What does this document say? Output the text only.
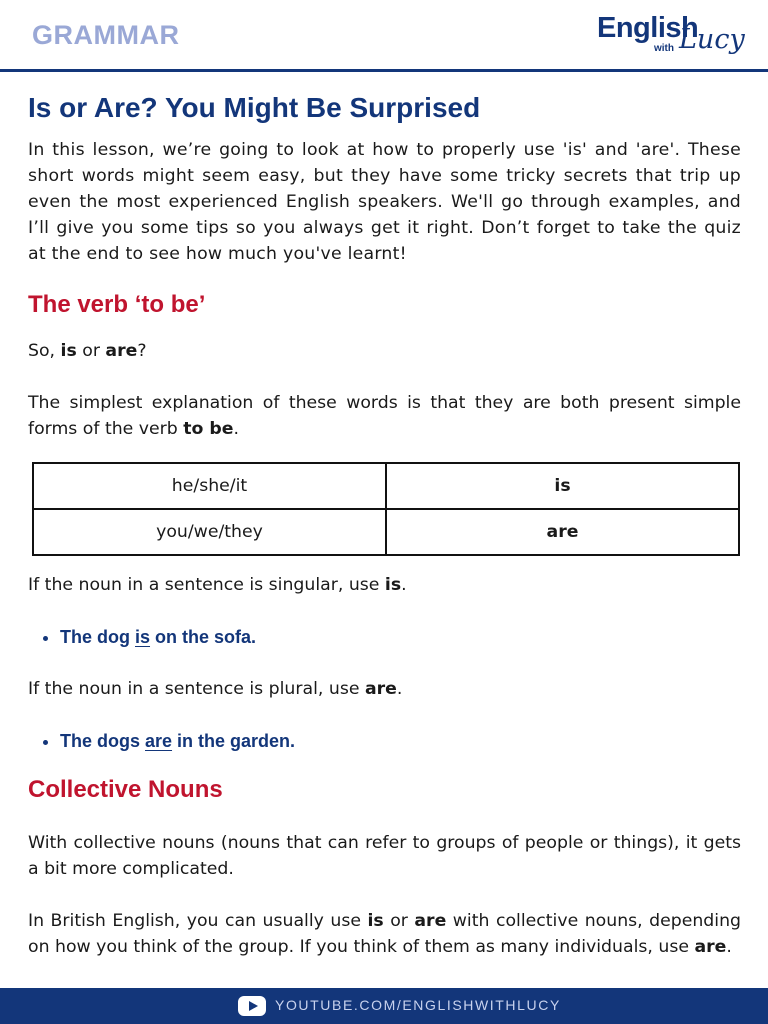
GRAMMAR	English
with Lucy
Is or Are? You Might Be Surprised

In this lesson, we’re going to look at how to properly use 'is' and 'are'. These short words might seem easy, but they have some tricky secrets that trip up even the most experienced English speakers. We'll go through examples, and I’ll give you some tips so you always get it right. Don’t forget to take the quiz at the end to see how much you've learnt!

The verb ‘to be’

So, is or are?

The simplest explanation of these words is that they are both present simple forms of the verb to be.

he/she/it	is
you/we/they	are

If the noun in a sentence is singular, use is.

• The dog is on the sofa.

If the noun in a sentence is plural, use are.

• The dogs are in the garden.
Collective Nouns

With collective nouns (nouns that can refer to groups of people or things), it gets a bit more complicated.

In British English, you can usually use is or are with collective nouns, depending on how you think of the group. If you think of them as many individuals, use are.

YOUTUBE.COM/ENGLISHWITHLUCY
